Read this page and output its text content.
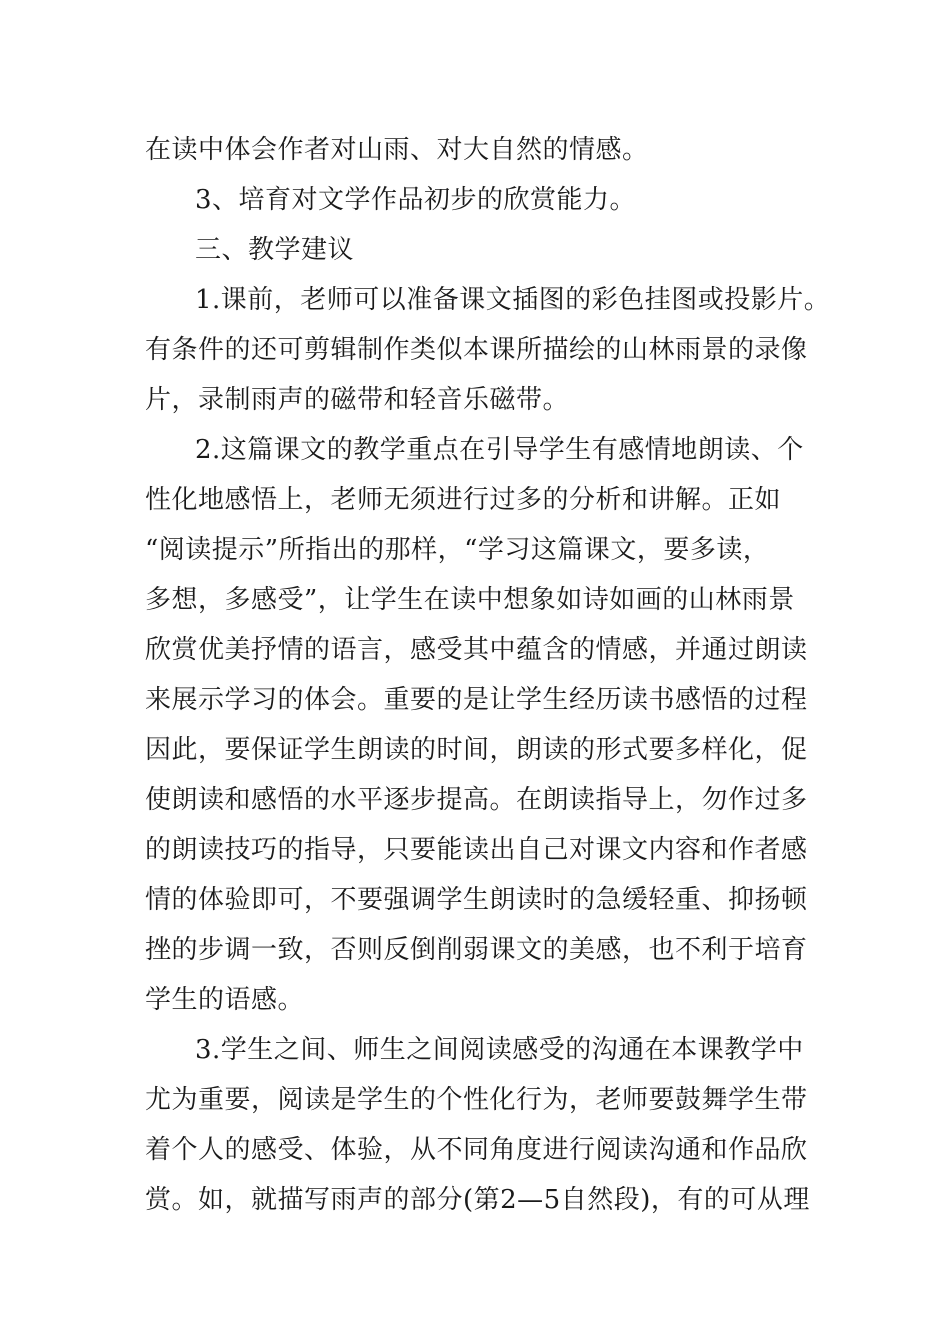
在读中体会作者对山雨、对大自然的情感。
3、培育对文学作品初步的欣赏能力。
三、教学建议
1.课前，老师可以准备课文插图的彩色挂图或投影片。
有条件的还可剪辑制作类似本课所描绘的山林雨景的录像
片，录制雨声的磁带和轻音乐磁带。
2.这篇课文的教学重点在引导学生有感情地朗读、个
性化地感悟上，老师无须进行过多的分析和讲解。正如
“阅读提示”所指出的那样，“学习这篇课文，要多读，
多想，多感受”，让学生在读中想象如诗如画的山林雨景
欣赏优美抒情的语言，感受其中蕴含的情感，并通过朗读
来展示学习的体会。重要的是让学生经历读书感悟的过程
因此，要保证学生朗读的时间，朗读的形式要多样化，促
使朗读和感悟的水平逐步提高。在朗读指导上，勿作过多
的朗读技巧的指导，只要能读出自己对课文内容和作者感
情的体验即可，不要强调学生朗读时的急缓轻重、抑扬顿
挫的步调一致，否则反倒削弱课文的美感，也不利于培育
学生的语感。
3.学生之间、师生之间阅读感受的沟通在本课教学中
尤为重要，阅读是学生的个性化行为，老师要鼓舞学生带
着个人的感受、体验，从不同角度进行阅读沟通和作品欣
赏。如，就描写雨声的部分(第2—5自然段)，有的可从理
